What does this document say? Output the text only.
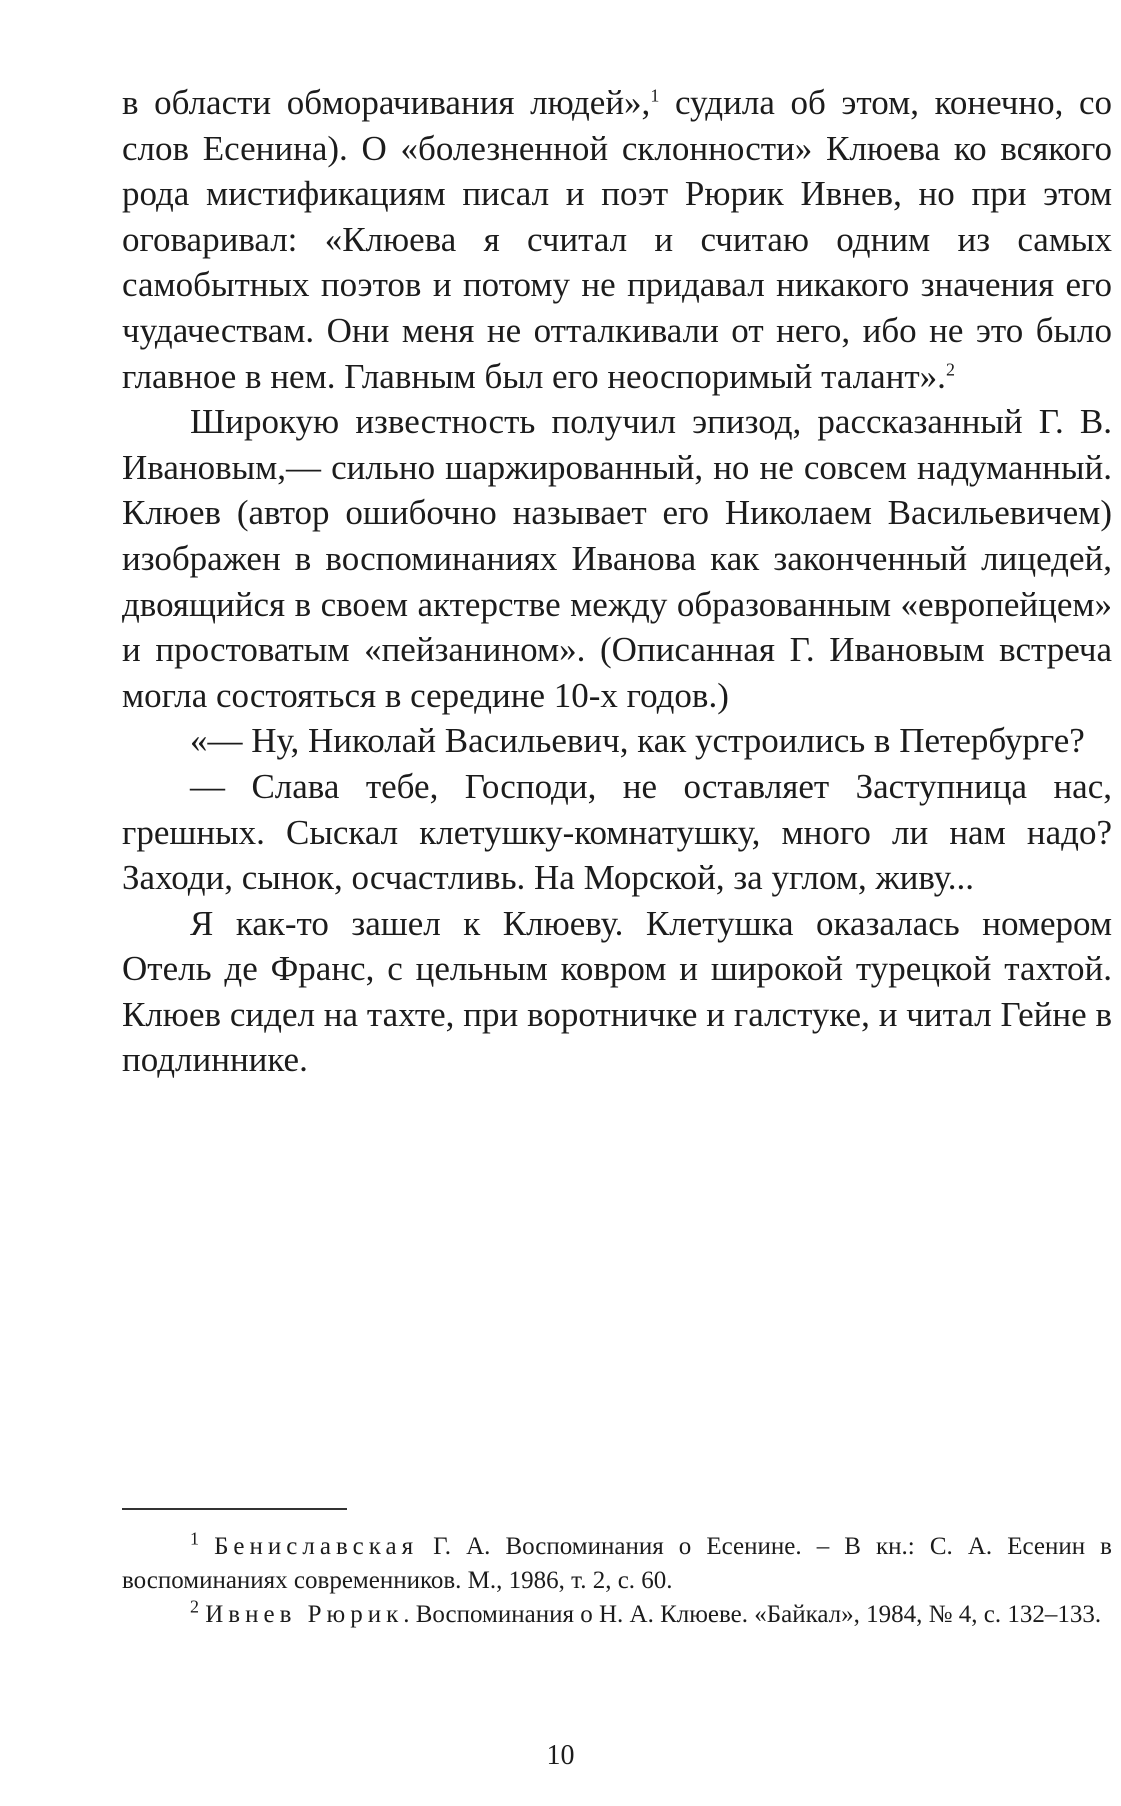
в области обморачивания людей»,$^1$ судила об этом, конечно, со слов Есенина). О «болезненной склонности» Клюева ко всякого рода мистификациям писал и поэт Рюрик Ивнев, но при этом оговаривал: «Клюева я считал и считаю одним из самых самобытных поэтов и потому не придавал никакого значения его чудачествам. Они меня не отталкивали от него, ибо не это было главное в нем. Главным был его неоспоримый талант».$^2$

Широкую известность получил эпизод, рассказанный Г. В. Ивановым,— сильно шаржированный, но не совсем надуманный. Клюев (автор ошибочно называет его Николаем Васильевичем) изображен в воспоминаниях Иванова как законченный лицедей, двоящийся в своем актерстве между образованным «европейцем» и простоватым «пейзанином». (Описанная Г. Ивановым встреча могла состояться в середине 10-х годов.)

«— Ну, Николай Васильевич, как устроились в Петербурге?

— Слава тебе, Господи, не оставляет Заступница нас, грешных. Сыскал клетушку-комнатушку, много ли нам надо? Заходи, сынок, осчастливь. На Морской, за углом, живу...

Я как-то зашел к Клюеву. Клетушка оказалась номером Отель де Франс, с цельным ковром и широкой турецкой тахтой. Клюев сидел на тахте, при воротничке и галстуке, и читал Гейне в подлиннике.

$^1$ Бениславская Г. А. Воспоминания о Есенине. – В кн.: С. А. Есенин в воспоминаниях современников. М., 1986, т. 2, с. 60.

$^2$ Ивнев Рюрик. Воспоминания о Н. А. Клюеве. «Байкал», 1984, № 4, с. 132–133.

10
